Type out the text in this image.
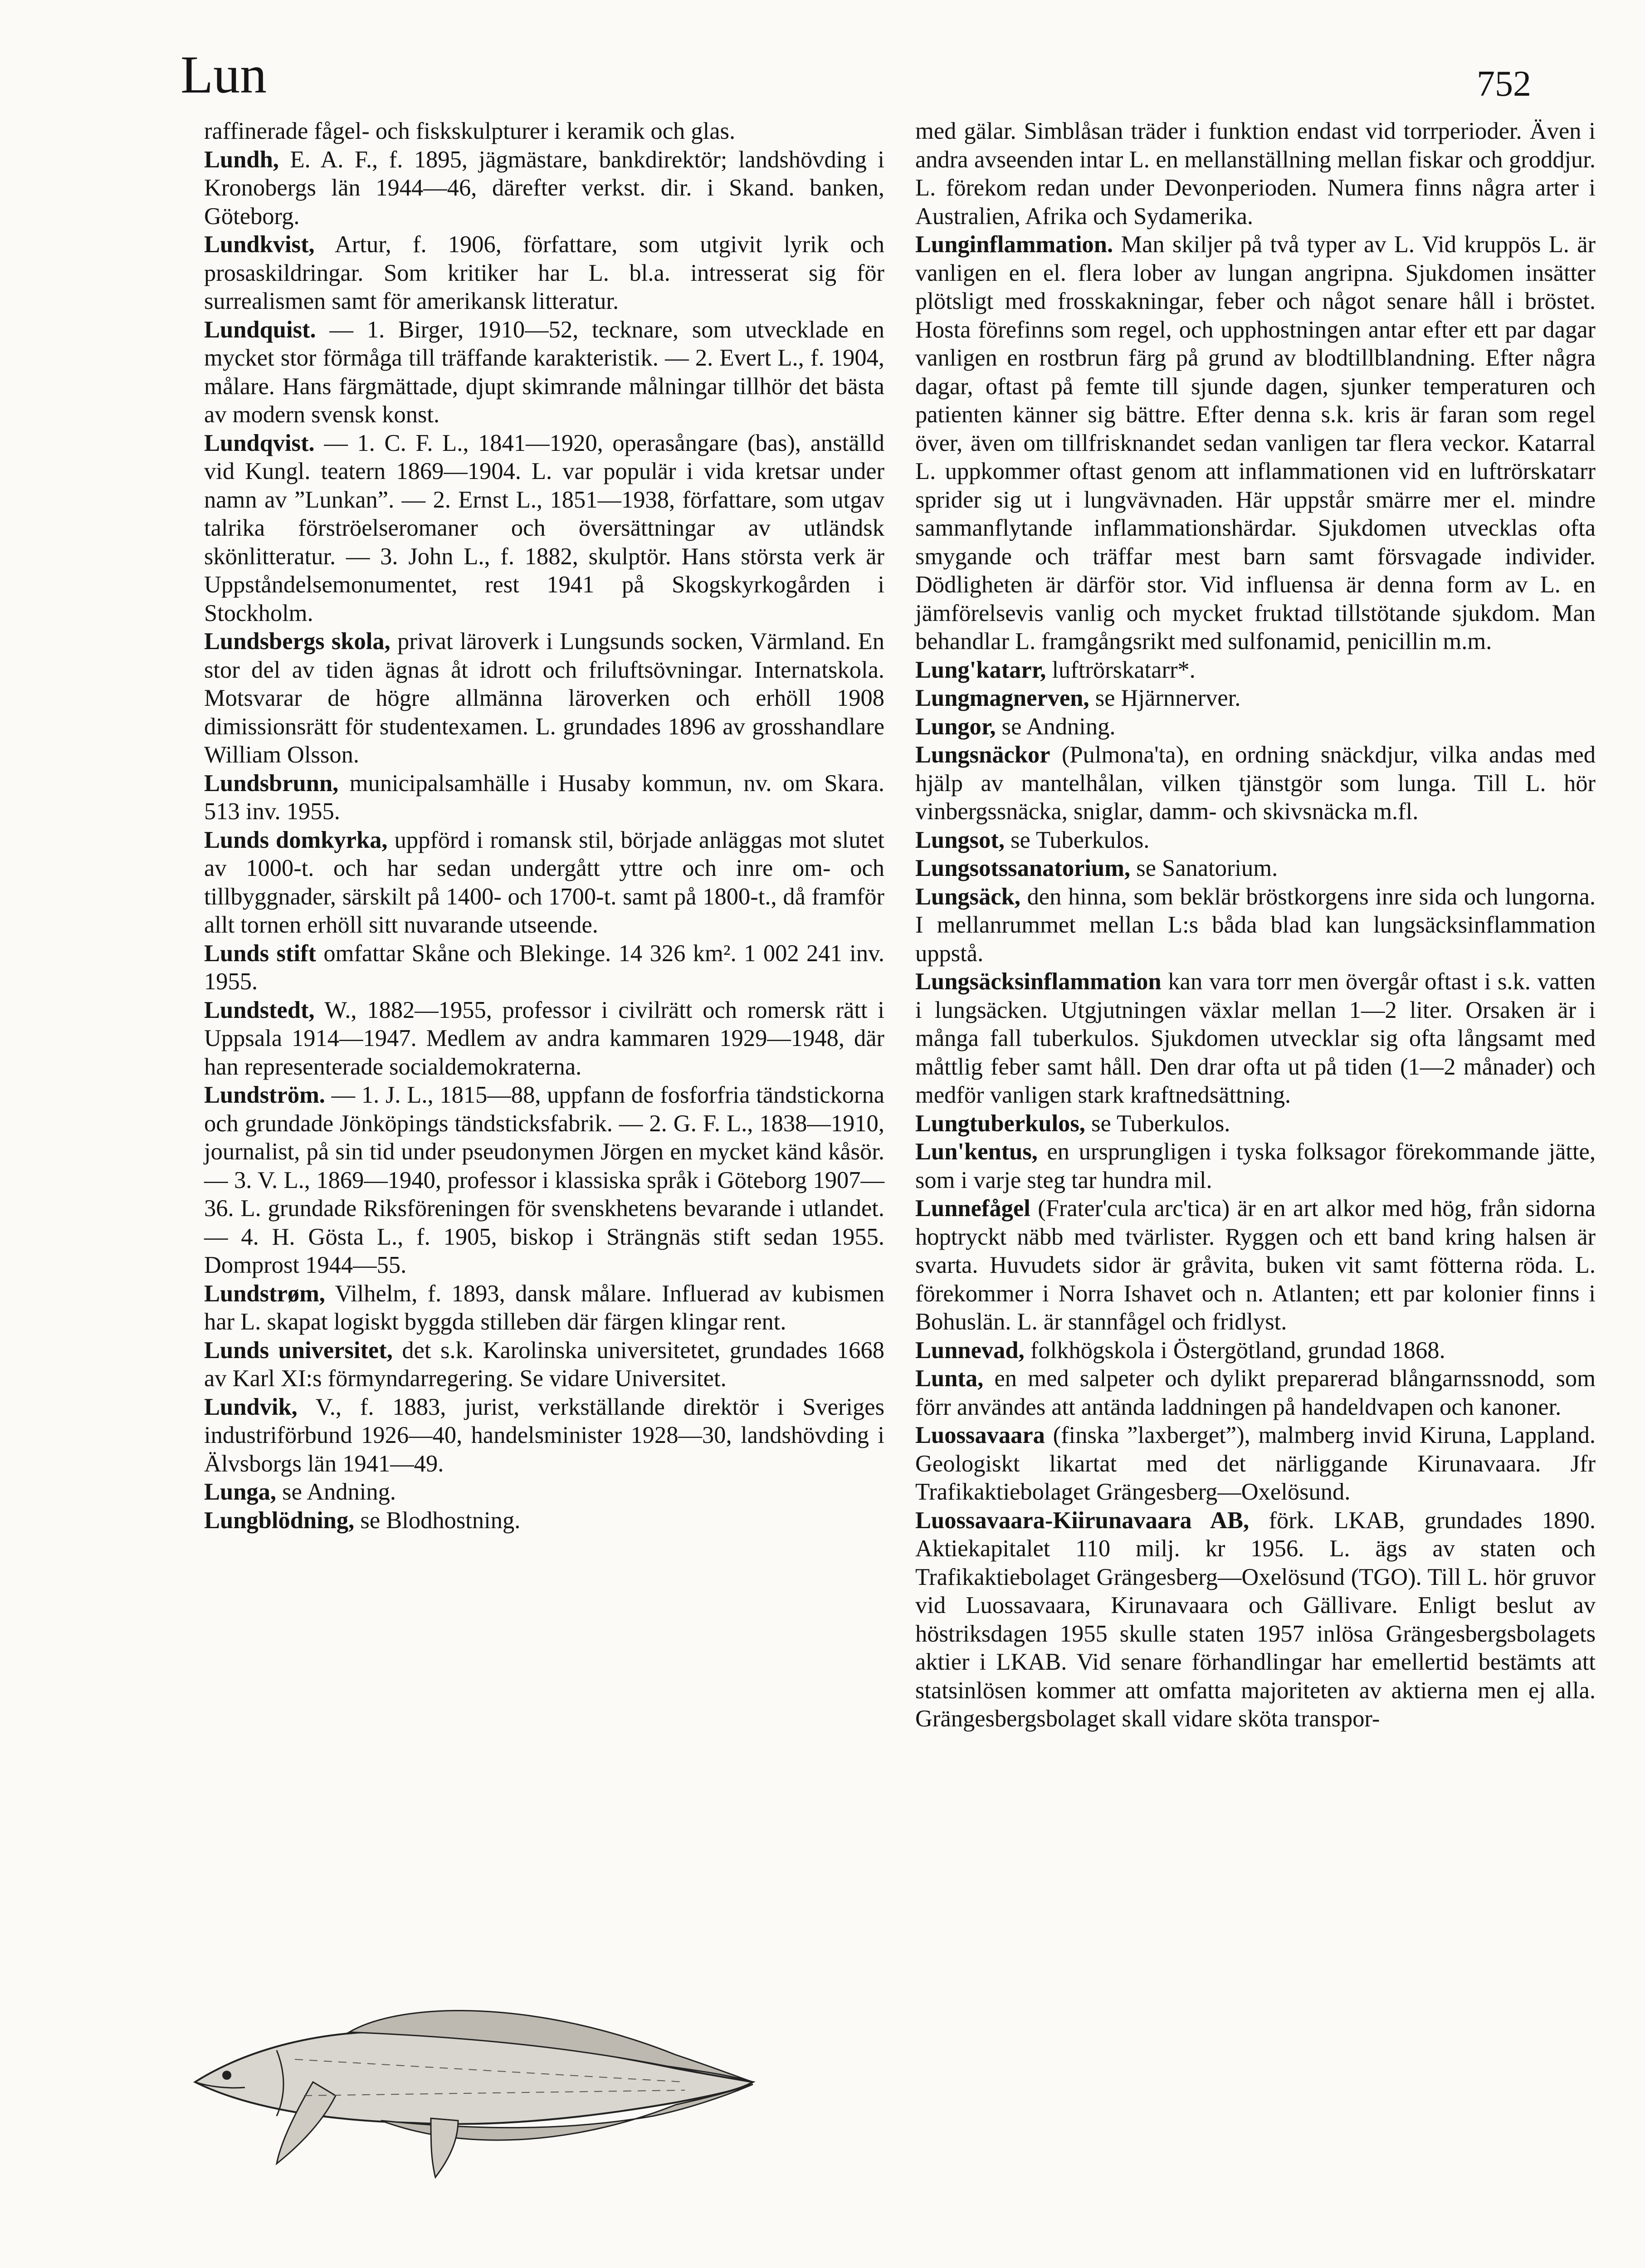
Lun	752
raffinerade fågel- och fiskskulpturer i keramik och glas.
Lundh, E. A. F., f. 1895, jägmästare, bankdirektör; landshövding i Kronobergs län 1944—46, därefter verkst. dir. i Skand. banken, Göteborg.
Lundkvist, Artur, f. 1906, författare, som utgivit lyrik och prosaskildringar. Som kritiker har L. bl.a. intresserat sig för surrealismen samt för amerikansk litteratur.
Lundquist. — 1. Birger, 1910—52, tecknare, som utvecklade en mycket stor förmåga till träffande karakteristik. — 2. Evert L., f. 1904, målare. Hans färgmättade, djupt skimrande målningar tillhör det bästa av modern svensk konst.
Lundqvist. — 1. C. F. L., 1841—1920, operasångare (bas), anställd vid Kungl. teatern 1869—1904. L. var populär i vida kretsar under namn av ”Lunkan”. — 2. Ernst L., 1851—1938, författare, som utgav talrika förströelseromaner och översättningar av utländsk skönlitteratur. — 3. John L., f. 1882, skulptör. Hans största verk är Uppståndelsemonumentet, rest 1941 på Skogskyrkogården i Stockholm.
Lundsbergs skola, privat läroverk i Lungsunds socken, Värmland. En stor del av tiden ägnas åt idrott och friluftsövningar. Internatskola. Motsvarar de högre allmänna läroverken och erhöll 1908 dimissionsrätt för studentexamen. L. grundades 1896 av grosshandlare William Olsson.
Lundsbrunn, municipalsamhälle i Husaby kommun, nv. om Skara. 513 inv. 1955.
Lunds domkyrka, uppförd i romansk stil, började anläggas mot slutet av 1000-t. och har sedan undergått yttre och inre om- och tillbyggnader, särskilt på 1400- och 1700-t. samt på 1800-t., då framför allt tornen erhöll sitt nuvarande utseende.
Lunds stift omfattar Skåne och Blekinge. 14 326 km². 1 002 241 inv. 1955.
Lundstedt, W., 1882—1955, professor i civilrätt och romersk rätt i Uppsala 1914—1947. Medlem av andra kammaren 1929—1948, där han representerade socialdemokraterna.
Lundström. — 1. J. L., 1815—88, uppfann de fosforfria tändstickorna och grundade Jönköpings tändsticksfabrik. — 2. G. F. L., 1838—1910, journalist, på sin tid under pseudonymen Jörgen en mycket känd kåsör. — 3. V. L., 1869—1940, professor i klassiska språk i Göteborg 1907—36. L. grundade Riksföreningen för svenskhetens bevarande i utlandet. — 4. H. Gösta L., f. 1905, biskop i Strängnäs stift sedan 1955. Domprost 1944—55.
Lundstrøm, Vilhelm, f. 1893, dansk målare. Influerad av kubismen har L. skapat logiskt byggda stilleben där färgen klingar rent.
Lunds universitet, det s.k. Karolinska universitetet, grundades 1668 av Karl XI:s förmyndarregering. Se vidare Universitet.
Lundvik, V., f. 1883, jurist, verkställande direktör i Sveriges industriförbund 1926—40, handelsminister 1928—30, landshövding i Älvsborgs län 1941—49.
Lunga, se Andning.
Lungblödning, se Blodhostning.
med gälar. Simblåsan träder i funktion endast vid torrperioder. Även i andra avseenden intar L. en mellanställning mellan fiskar och groddjur. L. förekom redan under Devonperioden. Numera finns några arter i Australien, Afrika och Sydamerika.
Lunginflammation. Man skiljer på två typer av L. Vid kruppös L. är vanligen en el. flera lober av lungan angripna. Sjukdomen insätter plötsligt med frosskakningar, feber och något senare håll i bröstet. Hosta förefinns som regel, och upphostningen antar efter ett par dagar vanligen en rostbrun färg på grund av blodtillblandning. Efter några dagar, oftast på femte till sjunde dagen, sjunker temperaturen och patienten känner sig bättre. Efter denna s.k. kris är faran som regel över, även om tillfrisknandet sedan vanligen tar flera veckor. Katarral L. uppkommer oftast genom att inflammationen vid en luftrörskatarr sprider sig ut i lungvävnaden. Här uppstår smärre mer el. mindre sammanflytande inflammationshärdar. Sjukdomen utvecklas ofta smygande och träffar mest barn samt försvagade individer. Dödligheten är därför stor. Vid influensa är denna form av L. en jämförelsevis vanlig och mycket fruktad tillstötande sjukdom. Man behandlar L. framgångsrikt med sulfonamid, penicillin m.m.
Lung'katarr, luftrörskatarr*.
Lungmagnerven, se Hjärnnerver.
Lungor, se Andning.
Lungsnäckor (Pulmona'ta), en ordning snäckdjur, vilka andas med hjälp av mantelhålan, vilken tjänstgör som lunga. Till L. hör vinbergssnäcka, sniglar, damm- och skivsnäcka m.fl.
Lungsot, se Tuberkulos.
Lungsotssanatorium, se Sanatorium.
Lungsäck, den hinna, som beklär bröstkorgens inre sida och lungorna. I mellanrummet mellan L:s båda blad kan lungsäcksinflammation uppstå.
Lungsäcksinflammation kan vara torr men övergår oftast i s.k. vatten i lungsäcken. Utgjutningen växlar mellan 1—2 liter. Orsaken är i många fall tuberkulos. Sjukdomen utvecklar sig ofta långsamt med måttlig feber samt håll. Den drar ofta ut på tiden (1—2 månader) och medför vanligen stark kraftnedsättning.
Lungtuberkulos, se Tuberkulos.
Lun'kentus, en ursprungligen i tyska folksagor förekommande jätte, som i varje steg tar hundra mil.
Lunnefågel (Frater'cula arc'tica) är en art alkor med hög, från sidorna hoptryckt näbb med tvärlister. Ryggen och ett band kring halsen är svarta. Huvudets sidor är gråvita, buken vit samt fötterna röda. L. förekommer i Norra Ishavet och n. Atlanten; ett par kolonier finns i Bohuslän. L. är stannfågel och fridlyst.
Lunnevad, folkhögskola i Östergötland, grundad 1868.
Lunta, en med salpeter och dylikt preparerad blångarnssnodd, som förr användes att antända laddningen på handeldvapen och kanoner.
Luossavaara (finska ”laxberget”), malmberg invid Kiruna, Lappland. Geologiskt likartat med det närliggande Kirunavaara. Jfr Trafikaktiebolaget Grängesberg—Oxelösund.
Luossavaara-Kiirunavaara AB, förk. LKAB, grundades 1890. Aktiekapitalet 110 milj. kr 1956. L. ägs av staten och Trafikaktiebolaget Grängesberg—Oxelösund (TGO). Till L. hör gruvor vid Luossavaara, Kirunavaara och Gällivare. Enligt beslut av höstriksdagen 1955 skulle staten 1957 inlösa Grängesbergsbolagets aktier i LKAB. Vid senare förhandlingar har emellertid bestämts att statsinlösen kommer att omfatta majoriteten av aktierna men ej alla. Grängesbergsbolaget skall vidare sköta transpor-
